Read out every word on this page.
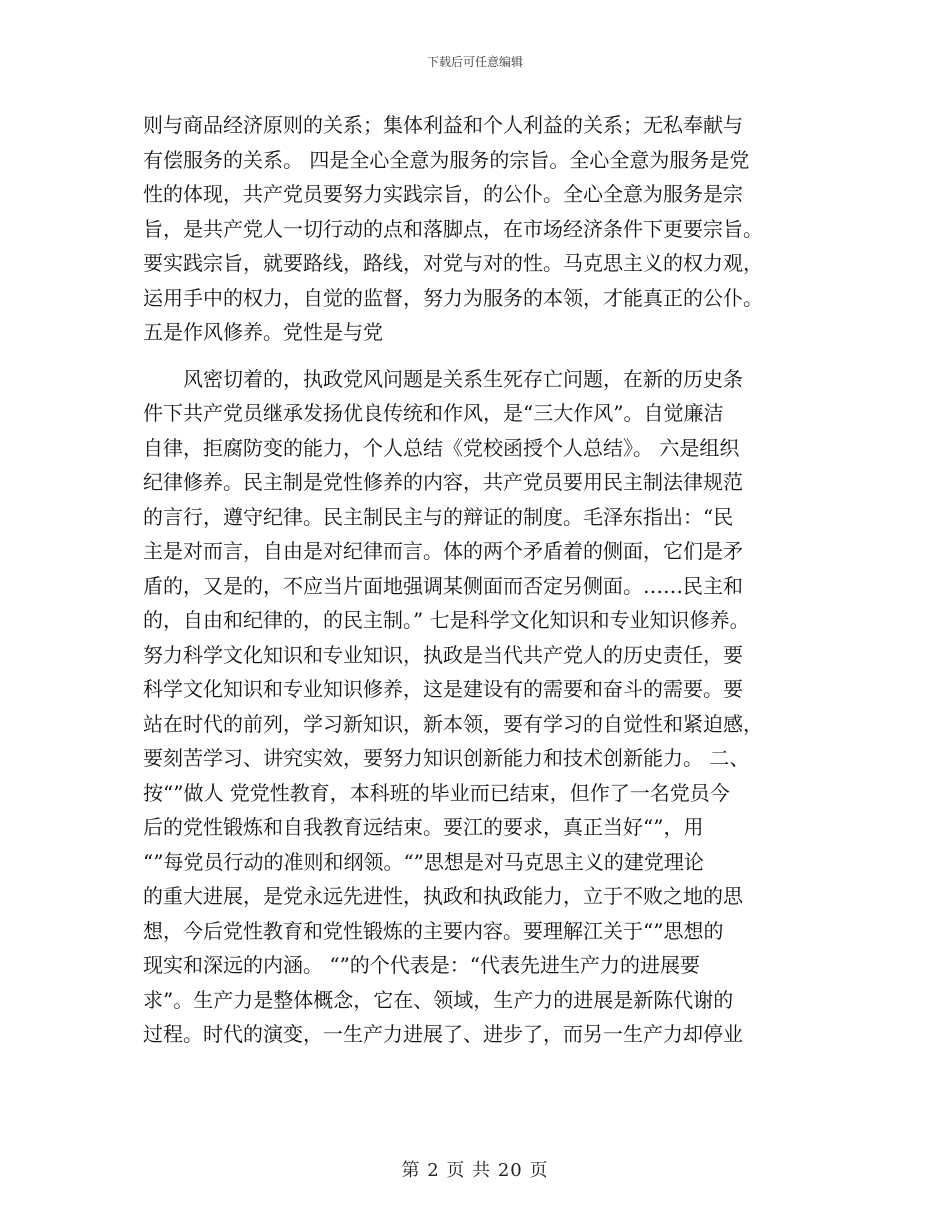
下载后可任意编辑
则与商品经济原则的关系；集体利益和个人利益的关系；无私奉献与
有偿服务的关系。 四是全心全意为服务的宗旨。全心全意为服务是党
性的体现，共产党员要努力实践宗旨，的公仆。全心全意为服务是宗
旨，是共产党人一切行动的点和落脚点，在市场经济条件下更要宗旨。
要实践宗旨，就要路线，路线，对党与对的性。马克思主义的权力观，
运用手中的权力，自觉的监督，努力为服务的本领，才能真正的公仆。
五是作风修养。党性是与党
风密切着的，执政党风问题是关系生死存亡问题，在新的历史条
件下共产党员继承发扬优良传统和作风，是“三大作风”。自觉廉洁
自律，拒腐防变的能力，个人总结《党校函授个人总结》。 六是组织
纪律修养。民主制是党性修养的内容，共产党员要用民主制法律规范
的言行，遵守纪律。民主制民主与的辩证的制度。毛泽东指出：“民
主是对而言，自由是对纪律而言。体的两个矛盾着的侧面，它们是矛
盾的，又是的，不应当片面地强调某侧面而否定另侧面。……民主和
的，自由和纪律的，的民主制。” 七是科学文化知识和专业知识修养。
努力科学文化知识和专业知识，执政是当代共产党人的历史责任，要
科学文化知识和专业知识修养，这是建设有的需要和奋斗的需要。要
站在时代的前列，学习新知识，新本领，要有学习的自觉性和紧迫感，
要刻苦学习、讲究实效，要努力知识创新能力和技术创新能力。 二、
按“”做人 党党性教育，本科班的毕业而已结束，但作了一名党员今
后的党性锻炼和自我教育远结束。要江的要求，真正当好“”，用
“”每党员行动的准则和纲领。“”思想是对马克思主义的建党理论
的重大进展，是党永远先进性，执政和执政能力，立于不败之地的思
想，今后党性教育和党性锻炼的主要内容。要理解江关于“”思想的
现实和深远的内涵。 “”的个代表是：“代表先进生产力的进展要
求”。生产力是整体概念，它在、领域，生产力的进展是新陈代谢的
过程。时代的演变，一生产力进展了、进步了，而另一生产力却停业
第 2 页 共 20 页
